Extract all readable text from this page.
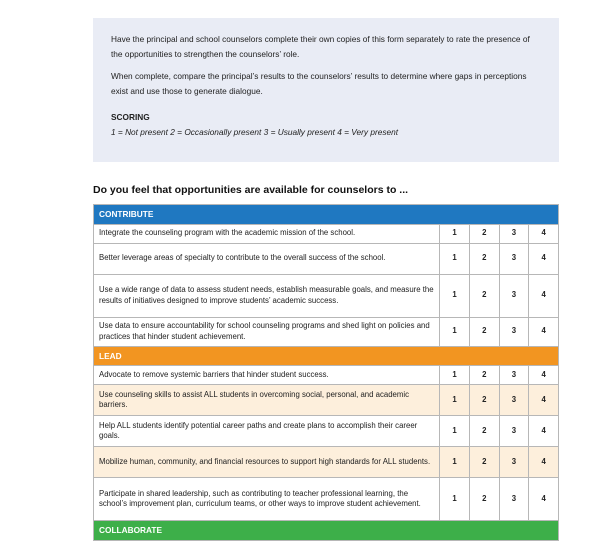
Have the principal and school counselors complete their own copies of this form separately to rate the presence of the opportunities to strengthen the counselors’ role.

When complete, compare the principal’s results to the counselors’ results to determine where gaps in perceptions exist and use those to generate dialogue.

SCORING

1 = Not present 2 = Occasionally present 3 = Usually present 4 = Very present

Do you feel that opportunities are available for counselors to ...
CONTRIBUTE				
Integrate the counseling program with the academic mission of the school.	1	2	3	4
Better leverage areas of specialty to contribute to the overall success of the school.	1	2	3	4
Use a wide range of data to assess student needs, establish measurable goals, and measure the results of initiatives designed to improve students’ academic success.	1	2	3	4
Use data to ensure accountability for school counseling programs and shed light on policies and practices that hinder student achievement.	1	2	3	4
LEAD				
Advocate to remove systemic barriers that hinder student success.	1	2	3	4
Use counseling skills to assist ALL students in overcoming social, personal, and academic barriers.	1	2	3	4
Help ALL students identify potential career paths and create plans to accomplish their career goals.	1	2	3	4
Mobilize human, community, and financial resources to support high standards for ALL students.	1	2	3	4
Participate in shared leadership, such as contributing to teacher professional learning, the school’s improvement plan, curriculum teams, or other ways to improve student achievement.	1	2	3	4
COLLABORATE				
